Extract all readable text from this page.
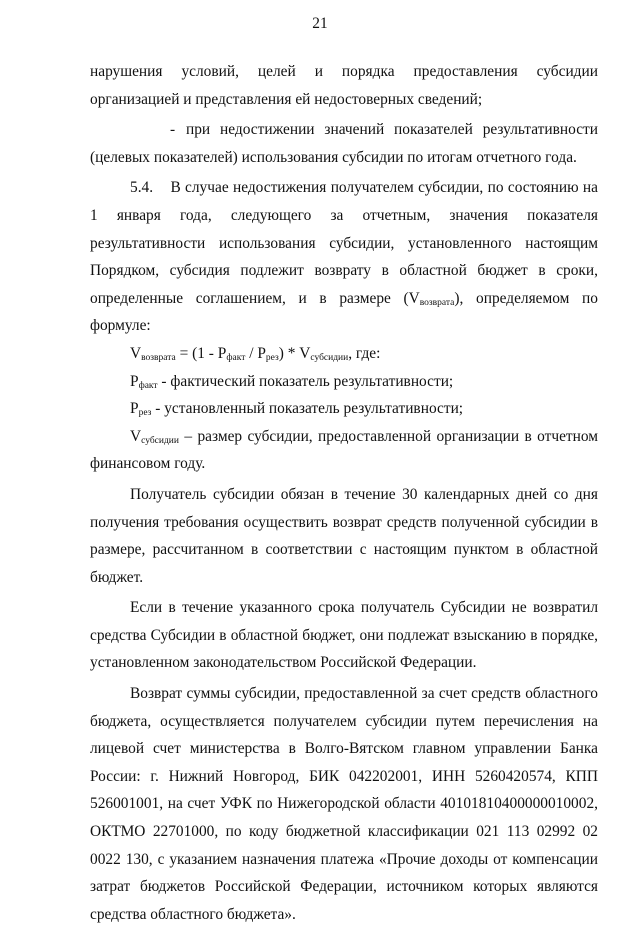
21

нарушения условий, целей и порядка предоставления субсидии организацией и представления ей недостоверных сведений;

- при недостижении значений показателей результативности (целевых показателей) использования субсидии по итогам отчетного года.

5.4. В случае недостижения получателем субсидии, по состоянию на 1 января года, следующего за отчетным, значения показателя результативности использования субсидии, установленного настоящим Порядком, субсидия подлежит возврату в областной бюджет в сроки, определенные соглашением, и в размере $(V_{возврата})$, определяемом по формуле:

$V_{возврата} = (1 - P_{факт} / P_{рез}) * V_{субсидии}$, где:

$P_{факт}$ - фактический показатель результативности;

$P_{рез}$ - установленный показатель результативности;

$V_{субсидии}$ – размер субсидии, предоставленной организации в отчетном финансовом году.

Получатель субсидии обязан в течение 30 календарных дней со дня получения требования осуществить возврат средств полученной субсидии в размере, рассчитанном в соответствии с настоящим пунктом в областной бюджет.

Если в течение указанного срока получатель Субсидии не возвратил средства Субсидии в областной бюджет, они подлежат взысканию в порядке, установленном законодательством Российской Федерации.

Возврат суммы субсидии, предоставленной за счет средств областного бюджета, осуществляется получателем субсидии путем перечисления на лицевой счет министерства в Волго-Вятском главном управлении Банка России: г. Нижний Новгород, БИК 042202001, ИНН 5260420574, КПП 526001001, на счет УФК по Нижегородской области 40101810400000010002, ОКТМО 22701000, по коду бюджетной классификации 021 113 02992 02 0022 130, с указанием назначения платежа «Прочие доходы от компенсации затрат бюджетов Российской Федерации, источником которых являются средства областного бюджета».
